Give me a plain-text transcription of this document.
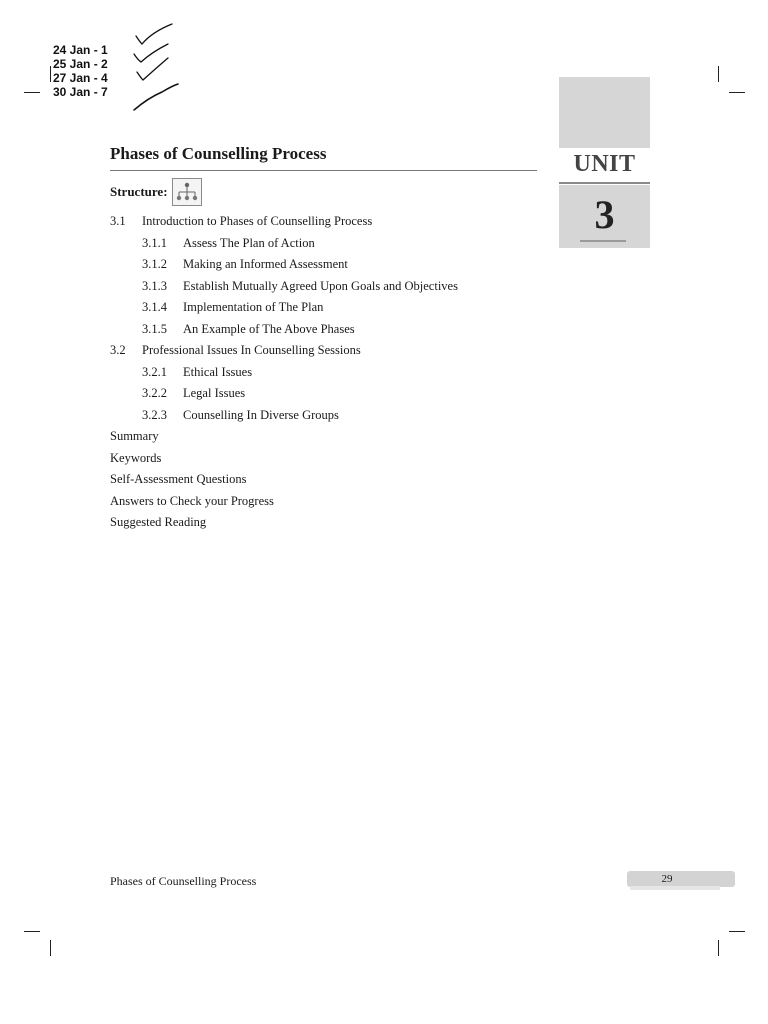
24 Jan - 1
25 Jan - 2
27 Jan - 4
30 Jan - 7
UNIT
3
Phases of Counselling Process
Structure:
3.1 Introduction to Phases of Counselling Process
3.1.1 Assess The Plan of Action
3.1.2 Making an Informed Assessment
3.1.3 Establish Mutually Agreed Upon Goals and Objectives
3.1.4 Implementation of The Plan
3.1.5 An Example of The Above Phases
3.2 Professional Issues In Counselling Sessions
3.2.1 Ethical Issues
3.2.2 Legal Issues
3.2.3 Counselling In Diverse Groups
Summary
Keywords
Self-Assessment Questions
Answers to Check your Progress
Suggested Reading
Phases of Counselling Process	29
